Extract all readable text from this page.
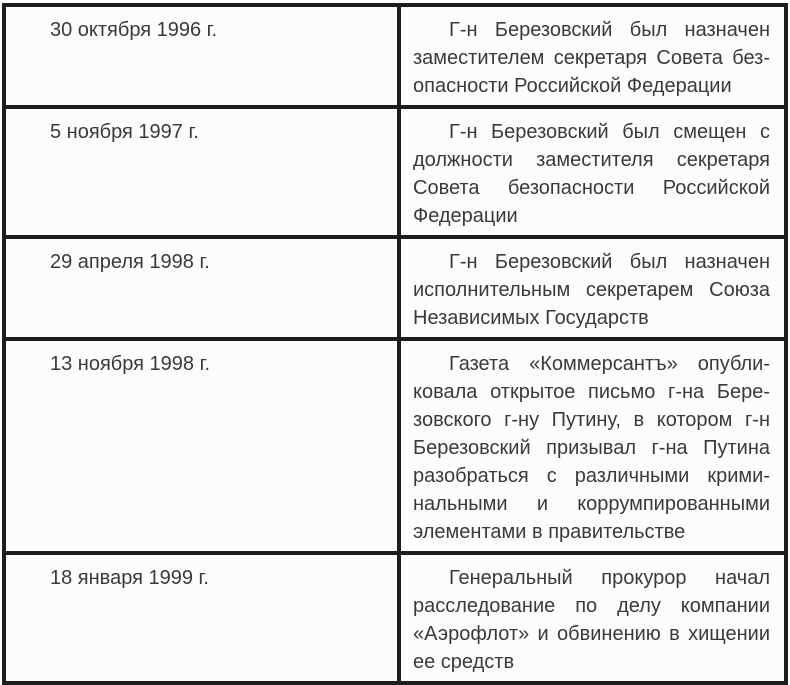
30 октября 1996 г.	Г-н Березовский был назначен
заместителем секретаря Совета без-
опасности Российской Федерации
5 ноября 1997 г.	Г-н Березовский был смещен с
должности заместителя секретаря
Совета безопасности Российской
Федерации
29 апреля 1998 г.	Г-н Березовский был назначен
исполнительным секретарем Союза
Независимых Государств
13 ноября 1998 г.	Газета «Коммерсантъ» опубли-
ковала открытое письмо г-на Бере-
зовского г-ну Путину, в котором г-н
Березовский призывал г-на Путина
разобраться с различными крими-
нальными и коррумпированными
элементами в правительстве
18 января 1999 г.	Генеральный прокурор начал
расследование по делу компании
«Аэрофлот» и обвинению в хищении
ее средств
